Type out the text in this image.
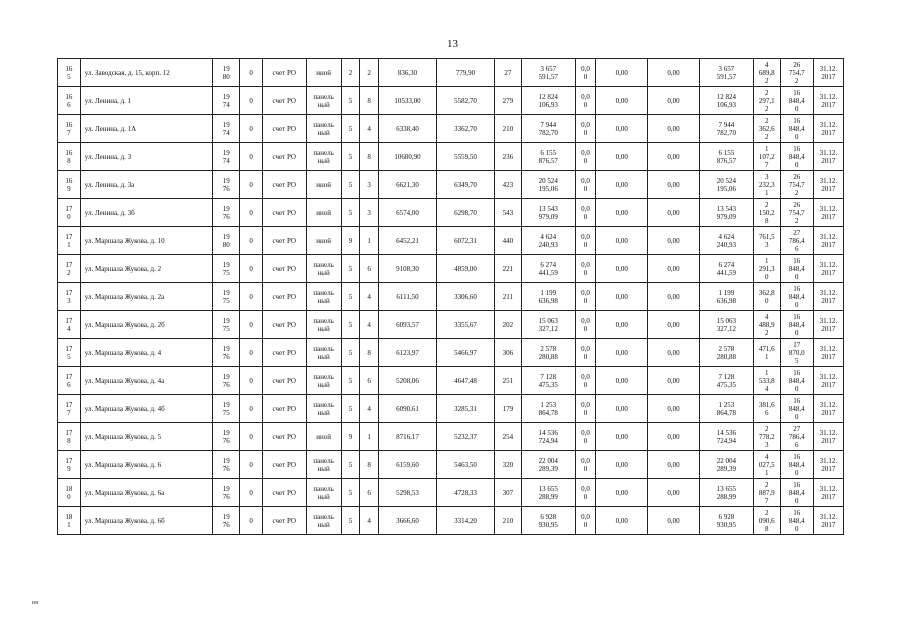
13
16
5	ул. Заводская, д. 15, корп. 12	19
80	0	счет РО	иной	2	2	836,30	779,90	27	3 657
591,57	0,0
0	0,00	0,00	3 657
591,57	4
689,8
2	26
754,7
2	31.12.
2017

16
6	ул. Ленина, д. 1	19
74	0	счет РО	панель
ный	5	8	10533,00	5582,70	279	12 824
106,93	0,0
0	0,00	0,00	12 824
106,93	2
297,1
2	16
848,4
0	31.12.
2017

16
7	ул. Ленина, д. 1А	19
74	0	счет РО	панель
ный	5	4	6338,40	3362,70	210	7 944
782,70	0,0
0	0,00	0,00	7 944
782,70	2
362,6
2	16
848,4
0	31.12.
2017

16
8	ул. Ленина, д. 3	19
74	0	счет РО	панель
ный	5	8	10680,90	5559,50	236	6 155
876,57	0,0
0	0,00	0,00	6 155
876,57	1
107,2
7	16
848,4
0	31.12.
2017

16
9	ул. Ленина, д. 3а	19
76	0	счет РО	иной	5	3	6621,30	6349,70	423	20 524
195,06	0,0
0	0,00	0,00	20 524
195,06	3
232,3
1	26
754,7
2	31.12.
2017

17
0	ул. Ленина, д. 3б	19
76	0	счет РО	иной	5	3	6574,00	6298,70	543	13 543
979,09	0,0
0	0,00	0,00	13 543
979,09	2
150,2
8	26
754,7
2	31.12.
2017

17
1	ул. Маршала Жукова, д. 10	19
80	0	счет РО	иной	9	1	6452,21	6072,31	440	4 624
240,93	0,0
0	0,00	0,00	4 624
240,93	761,5
3	27
786,4
6	31.12.
2017

17
2	ул. Маршала Жукова, д. 2	19
75	0	счет РО	панель
ный	5	6	9108,30	4859,00	221	6 274
441,59	0,0
0	0,00	0,00	6 274
441,59	1
291,3
0	16
848,4
0	31.12.
2017

17
3	ул. Маршала Жукова, д. 2а	19
75	0	счет РО	панель
ный	5	4	6111,50	3306,60	211	1 199
636,98	0,0
0	0,00	0,00	1 199
636,98	362,8
0	16
848,4
0	31.12.
2017

17
4	ул. Маршала Жукова, д. 2б	19
75	0	счет РО	панель
ный	5	4	6093,57	3355,67	202	15 063
327,12	0,0
0	0,00	0,00	15 063
327,12	4
488,9
2	16
848,4
0	31.12.
2017

17
5	ул. Маршала Жукова, д. 4	19
76	0	счет РО	панель
ный	5	8	6123,97	5466,97	306	2 578
280,88	0,0
0	0,00	0,00	2 578
280,88	471,6
1	17
870,0
5	31.12.
2017

17
6	ул. Маршала Жукова, д. 4а	19
76	0	счет РО	панель
ный	5	6	5208,06	4647,48	251	7 128
475,35	0,0
0	0,00	0,00	7 128
475,35	1
533,8
4	16
848,4
0	31.12.
2017

17
7	ул. Маршала Жукова, д. 4б	19
75	0	счет РО	панель
ный	5	4	6090,61	3285,31	179	1 253
864,78	0,0
0	0,00	0,00	1 253
864,78	381,6
6	16
848,4
0	31.12.
2017

17
8	ул. Маршала Жукова, д. 5	19
76	0	счет РО	иной	9	1	8716,17	5232,37	254	14 536
724,94	0,0
0	0,00	0,00	14 536
724,94	2
778,2
3	27
786,4
6	31.12.
2017

17
9	ул. Маршала Жукова, д. 6	19
76	0	счет РО	панель
ный	5	8	6159,60	5463,50	320	22 004
289,39	0,0
0	0,00	0,00	22 004
289,39	4
027,5
1	16
848,4
0	31.12.
2017

18
0	ул. Маршала Жукова, д. 6а	19
76	0	счет РО	панель
ный	5	6	5298,53	4728,33	307	13 655
288,99	0,0
0	0,00	0,00	13 655
288,99	2
887,9
7	16
848,4
0	31.12.
2017

18
1	ул. Маршала Жукова, д. 6б	19
76	0	счет РО	панель
ный	5	4	3666,60	3314,20	210	6 928
930,95	0,0
0	0,00	0,00	6 928
930,95	2
090,6
8	16
848,4
0	31.12.
2017
нн
